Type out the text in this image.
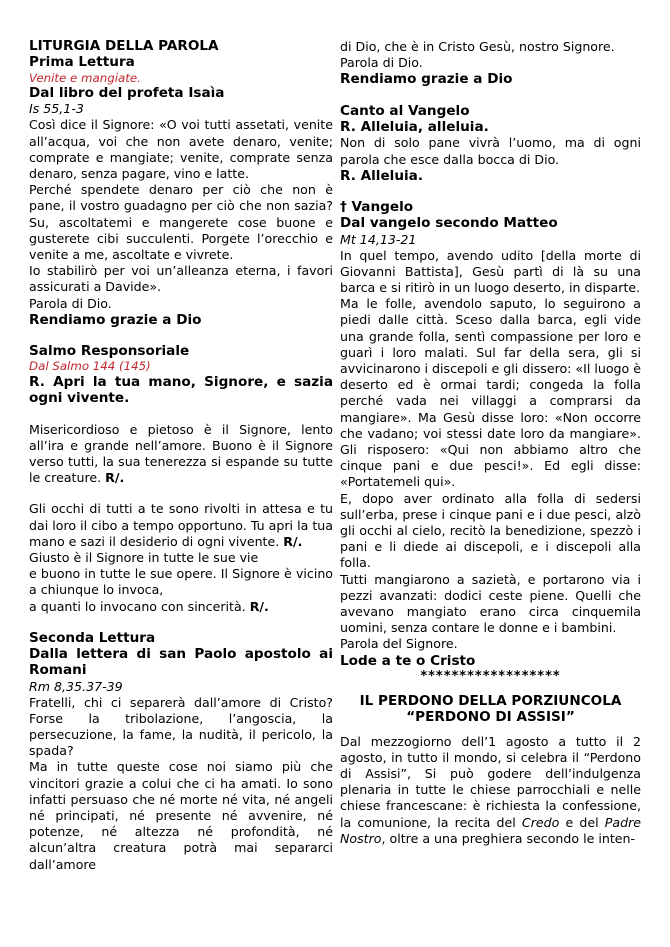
LITURGIA DELLA PAROLA

Prima Lettura

Venite e mangiate.

Dal libro del profeta Isaìa

Is 55,1-3

Così dice il Signore: «O voi tutti assetati, venite all’acqua, voi che non avete denaro, venite; comprate e mangiate; venite, comprate senza denaro, senza pagare, vino e latte.

Perché spendete denaro per ciò che non è pane, il vostro guadagno per ciò che non sazia? Su, ascoltatemi e mangerete cose buone e gusterete cibi succulenti. Porgete l’orecchio e venite a me, ascoltate e vivrete.

Io stabilirò per voi un’alleanza eterna, i favori assicurati a Davide».

Parola di Dio.

Rendiamo grazie a Dio

Salmo Responsoriale

Dal Salmo 144 (145)

R. Apri la tua mano, Signore, e sazia ogni vivente.

Misericordioso e pietoso è il Signore, lento all’ira e grande nell’amore. Buono è il Signore verso tutti, la sua tenerezza si espande su tutte le creature. R/.

Gli occhi di tutti a te sono rivolti in attesa e tu dai loro il cibo a tempo opportuno. Tu apri la tua mano e sazi il desiderio di ogni vivente. R/.

Giusto è il Signore in tutte le sue vie

e buono in tutte le sue opere. Il Signore è vicino a chiunque lo invoca,

a quanti lo invocano con sincerità. R/.

Seconda Lettura

Dalla lettera di san Paolo apostolo ai Romani

Rm 8,35.37-39

Fratelli, chi ci separerà dall’amore di Cristo? Forse la tribolazione, l’angoscia, la persecuzione, la fame, la nudità, il pericolo, la spada?

Ma in tutte queste cose noi siamo più che vincitori grazie a colui che ci ha amati. Io sono infatti persuaso che né morte né vita, né angeli né principati, né presente né avvenire, né potenze, né altezza né profondità, né alcun’altra creatura potrà mai separarci dall’amore

di Dio, che è in Cristo Gesù, nostro Signore.

Parola di Dio.

Rendiamo grazie a Dio

Canto al Vangelo

R. Alleluia, alleluia.

Non di solo pane vivrà l’uomo, ma di ogni parola che esce dalla bocca di Dio.

R. Alleluia.

† Vangelo

Dal vangelo secondo Matteo

Mt 14,13-21

In quel tempo, avendo udito [della morte di Giovanni Battista], Gesù partì di là su una barca e si ritirò in un luogo deserto, in disparte.

Ma le folle, avendolo saputo, lo seguirono a piedi dalle città. Sceso dalla barca, egli vide una grande folla, sentì compassione per loro e guarì i loro malati. Sul far della sera, gli si avvicinarono i discepoli e gli dissero: «Il luogo è deserto ed è ormai tardi; congeda la folla perché vada nei villaggi a comprarsi da mangiare». Ma Gesù disse loro: «Non occorre che vadano; voi stessi date loro da mangiare». Gli risposero: «Qui non abbiamo altro che cinque pani e due pesci!». Ed egli disse: «Portatemeli qui».

E, dopo aver ordinato alla folla di sedersi sull’erba, prese i cinque pani e i due pesci, alzò gli occhi al cielo, recitò la benedizione, spezzò i pani e li diede ai discepoli, e i discepoli alla folla.

Tutti mangiarono a sazietà, e portarono via i pezzi avanzati: dodici ceste piene. Quelli che avevano mangiato erano circa cinquemila uomini, senza contare le donne e i bambini.

Parola del Signore.

Lode a te o Cristo

******************

IL PERDONO DELLA PORZIUNCOLA

“PERDONO DI ASSISI”

Dal mezzogiorno dell’1 agosto a tutto il 2 agosto, in tutto il mondo, si celebra il “Perdono di Assisi”, Si può godere dell’indulgenza plenaria in tutte le chiese parrocchiali e nelle chiese francescane: è richiesta la confessione, la comunione, la recita del Credo e del Padre Nostro, oltre a una preghiera secondo le inten-
